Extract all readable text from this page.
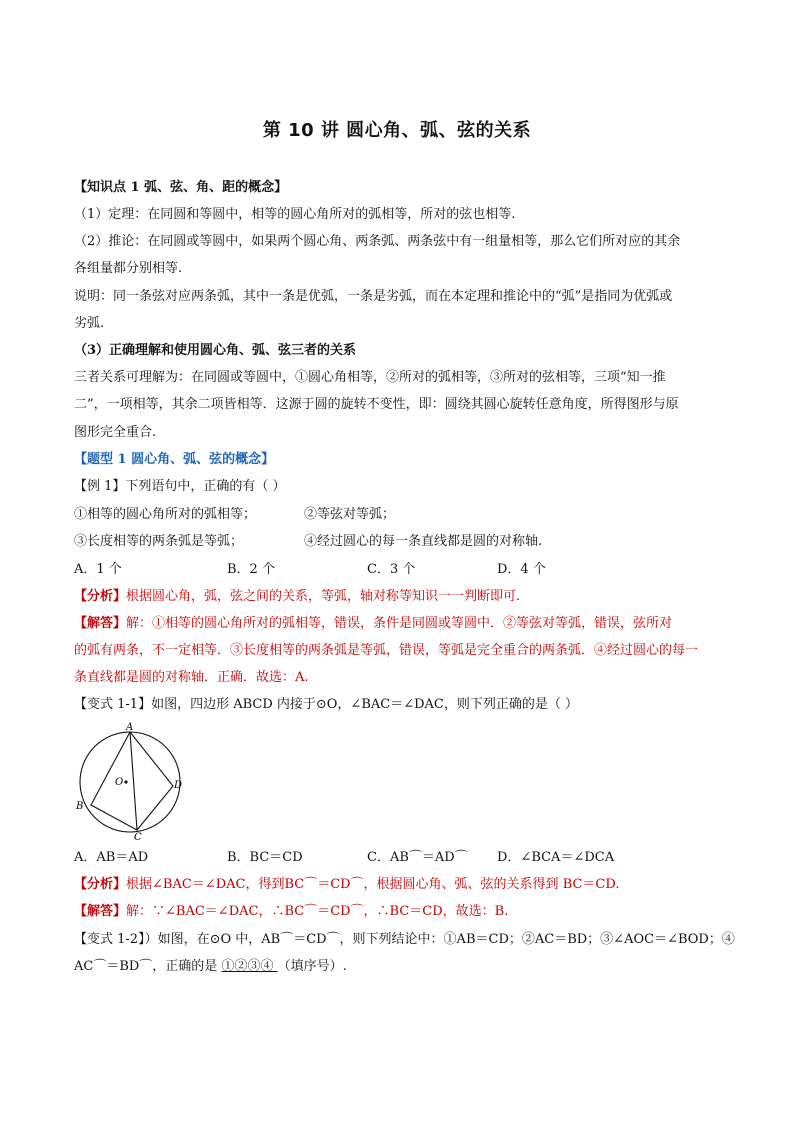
第 10 讲 圆心角、弧、弦的关系
【知识点 1 弧、弦、角、距的概念】
（1）定理：在同圆和等圆中，相等的圆心角所对的弧相等，所对的弦也相等.
（2）推论：在同圆或等圆中，如果两个圆心角、两条弧、两条弦中有一组量相等，那么它们所对应的其余
各组量都分别相等.
说明：同一条弦对应两条弧，其中一条是优弧，一条是劣弧，而在本定理和推论中的“弧”是指同为优弧或
劣弧.
（3）正确理解和使用圆心角、弧、弦三者的关系
三者关系可理解为：在同圆或等圆中，①圆心角相等，②所对的弧相等，③所对的弦相等，三项“知一推
二”，一项相等，其余二项皆相等．这源于圆的旋转不变性，即：圆绕其圆心旋转任意角度，所得图形与原
图形完全重合.
【题型 1 圆心角、弧、弦的概念】
【例 1】下列语句中，正确的有（ ）
①相等的圆心角所对的弧相等；	②等弦对等弧；
③长度相等的两条弧是等弧；	④经过圆心的每一条直线都是圆的对称轴.
A．1 个	B．2 个	C．3 个	D．4 个
【分析】根据圆心角，弧，弦之间的关系，等弧，轴对称等知识一一判断即可．
【解答】解：①相等的圆心角所对的弧相等，错误，条件是同圆或等圆中．②等弦对等弧，错误，弦所对
的弧有两条，不一定相等．③长度相等的两条弧是等弧，错误，等弧是完全重合的两条弧．④经过圆心的每一
条直线都是圆的对称轴．正确．故选：A.
【变式 1-1】如图，四边形 ABCD 内接于⊙O，∠BAC＝∠DAC，则下列正确的是（ ）
A
B
C
D
O
A．AB＝AD	B．BC＝CD	C．AB⌒＝AD⌒ D．∠BCA＝∠DCA
【分析】根据∠BAC＝∠DAC，得到BC⌒＝CD⌒，根据圆心角、弧、弦的关系得到 BC＝CD.
【解答】解：∵∠BAC＝∠DAC，∴BC⌒＝CD⌒，∴BC＝CD，故选：B.
【变式 1-2】）如图，在⊙O 中，AB⌒＝CD⌒，则下列结论中：①AB＝CD；②AC＝BD；③∠AOC＝∠BOD；④
AC⌒＝BD⌒，正确的是 ①②③④ （填序号）.
